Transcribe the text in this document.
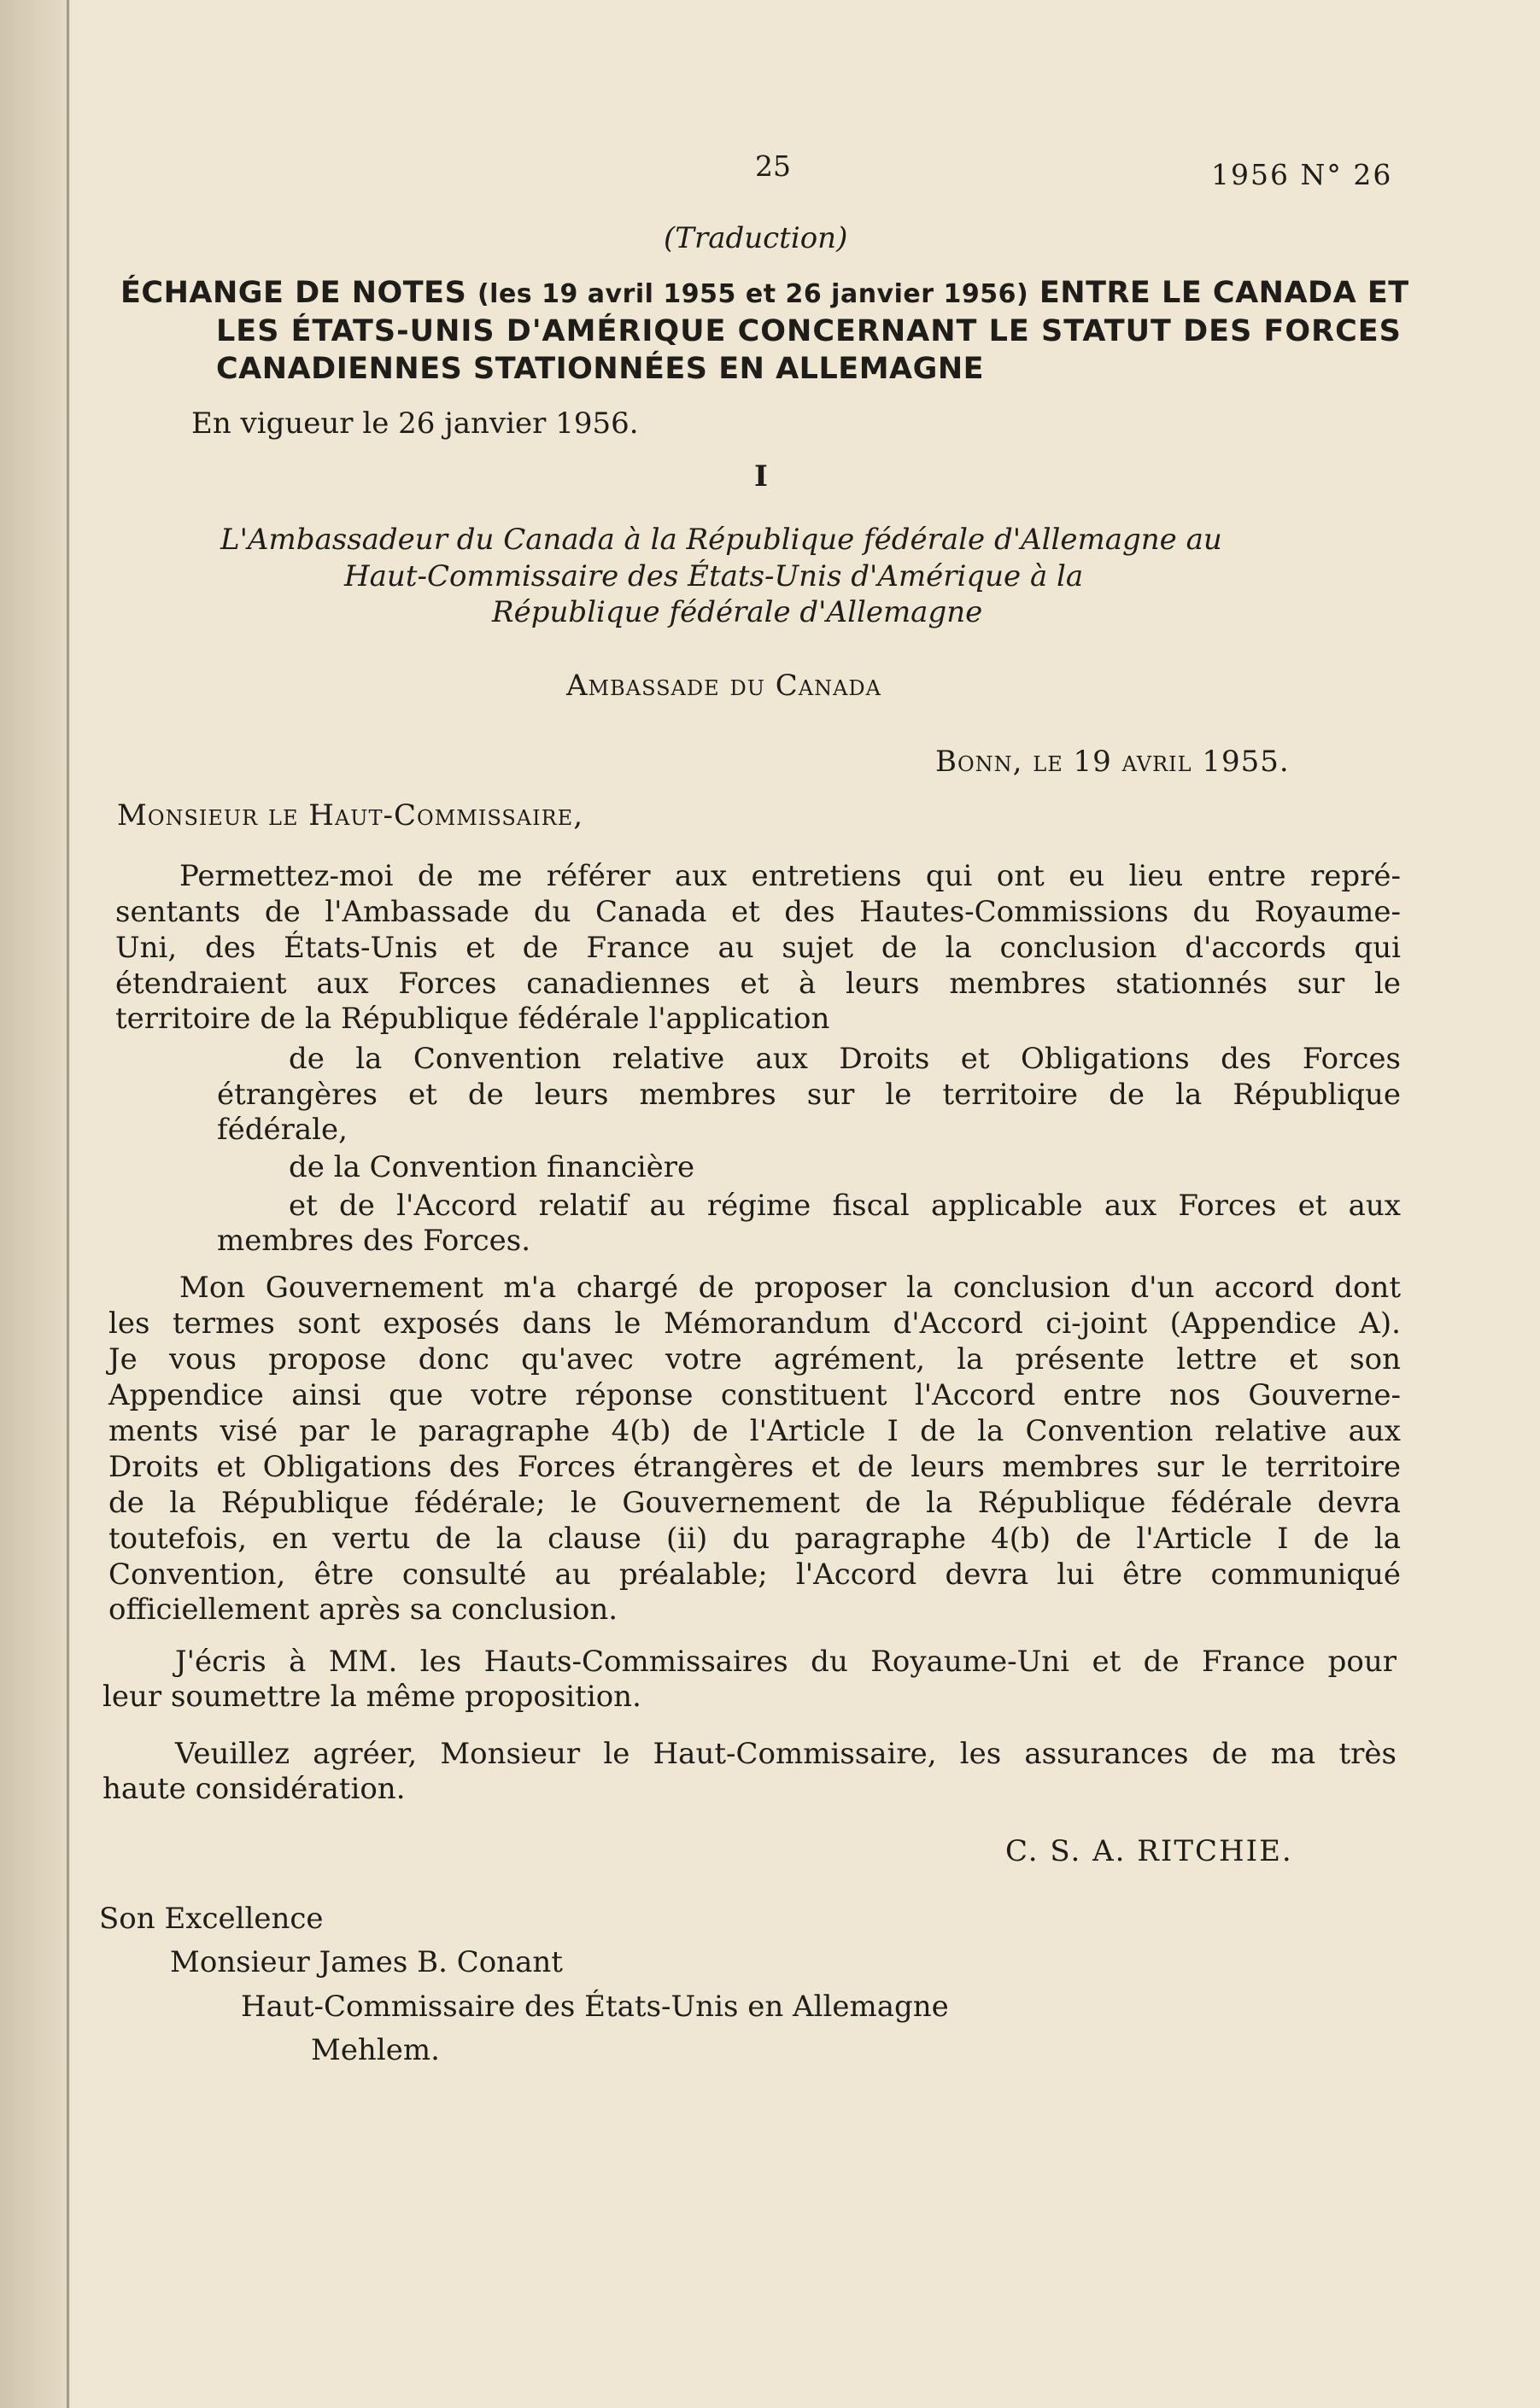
25	1956 N° 26
(Traduction)
ÉCHANGE DE NOTES (les 19 avril 1955 et 26 janvier 1956) ENTRE LE CANADA ET
LES ÉTATS-UNIS D'AMÉRIQUE CONCERNANT LE STATUT DES FORCES
CANADIENNES STATIONNÉES EN ALLEMAGNE
En vigueur le 26 janvier 1956.
I
L'Ambassadeur du Canada à la République fédérale d'Allemagne au
Haut-Commissaire des États-Unis d'Amérique à la
République fédérale d'Allemagne
Ambassade du Canada
Bonn, le 19 avril 1955.
Monsieur le Haut-Commissaire,
Permettez-moi de me référer aux entretiens qui ont eu lieu entre repré-
sentants de l'Ambassade du Canada et des Hautes-Commissions du Royaume-
Uni, des États-Unis et de France au sujet de la conclusion d'accords qui
étendraient aux Forces canadiennes et à leurs membres stationnés sur le
territoire de la République fédérale l'application
de la Convention relative aux Droits et Obligations des Forces
étrangères et de leurs membres sur le territoire de la République
fédérale,
de la Convention financière
et de l'Accord relatif au régime fiscal applicable aux Forces et aux
membres des Forces.
Mon Gouvernement m'a chargé de proposer la conclusion d'un accord dont
les termes sont exposés dans le Mémorandum d'Accord ci-joint (Appendice A).
Je vous propose donc qu'avec votre agrément, la présente lettre et son
Appendice ainsi que votre réponse constituent l'Accord entre nos Gouverne-
ments visé par le paragraphe 4(b) de l'Article I de la Convention relative aux
Droits et Obligations des Forces étrangères et de leurs membres sur le territoire
de la République fédérale; le Gouvernement de la République fédérale devra
toutefois, en vertu de la clause (ii) du paragraphe 4(b) de l'Article I de la
Convention, être consulté au préalable; l'Accord devra lui être communiqué
officiellement après sa conclusion.
J'écris à MM. les Hauts-Commissaires du Royaume-Uni et de France pour
leur soumettre la même proposition.
Veuillez agréer, Monsieur le Haut-Commissaire, les assurances de ma très
haute considération.
C. S. A. RITCHIE.
Son Excellence
Monsieur James B. Conant
Haut-Commissaire des États-Unis en Allemagne
Mehlem.
